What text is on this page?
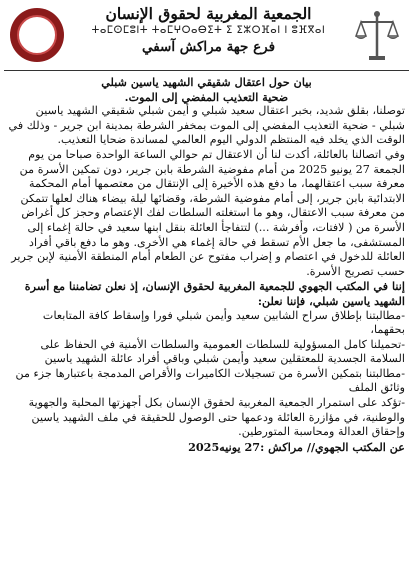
الجمعية المغربية لحقوق الإنسان
ⵜⴰⵎⵙⵎⵓⵏⵜ ⵜⴰⵎⵖⵔⴰⴱⵉⵜ ⵉ ⵉⵣⵔⴼⴰⵏ ⵏ ⵓⴼⴳⴰⵏ
فرع جهة مراكش آسفي

بيان حول اعتقال شقيقي الشهيد ياسين شبلي

ضحية التعذيب المفضي إلى الموت.

توصلنا، بقلق شديد، بخبر اعتقال سعيد شبلي و أيمن شبلي شقيقي الشهيد ياسين شبلي - ضحية التعذيب المفضي إلى الموت بمخفر الشرطة بمدينة ابن جرير - وذلك في الوقت الذي يخلد فيه المنتظم الدولي اليوم العالمي لمساندة ضحايا التعذيب.

وفي اتصالنا بالعائلة، أكدت لنا أن الاعتقال تم حوالي الساعة الواحدة صباحا من يوم الجمعة 27 يونيو 2025 من أمام مفوضية الشرطة بابن جرير، دون تمكين الأسرة من معرفة سبب اعتقالهما، ما دفع هذه الأخيرة إلى الإنتقال من معتصمها أمام المحكمة الابتدائية بابن جرير، إلى أمام مفوضية الشرطة، وقضائها ليلة بيضاء هناك لعلها تتمكن من معرفة سبب الاعتقال، وهو ما استغلته السلطات لفك الإعتصام وحجز كل أغراض الأسرة من ( لافتات، وأفرشة ...) لتتفاجأ العائلة بنقل ابنها سعيد في حالة إغماء إلى المستشفى، ما جعل الأم تسقط في حالة إغماء هي الأخرى. وهو ما دفع باقي أفراد العائلة للدخول في اعتصام و إضراب مفتوح عن الطعام أمام المنطقة الأمنية لإبن جرير حسب تصريح الأسرة.

إننا في المكتب الجهوي للجمعية المغربية لحقوق الإنسان، إذ نعلن تضامننا مع أسرة الشهيد ياسين شبلي، فإننا نعلن:

-مطالبتنا بإطلاق سراح الشابين سعيد وأيمن شبلي فورا وإسقاط كافة المتابعات بحقهما،

-تحميلنا كامل المسؤولية للسلطات العمومية والسلطات الأمنية في الحفاظ على السلامة الجسدية للمعتقلين سعيد وأيمن شبلي وباقي أفراد عائلة الشهيد ياسين

-مطالبتنا بتمكين الأسرة من تسجيلات الكاميرات والأقراص المدمجة باعتبارها جزء من وثائق الملف

-تؤكد على استمرار الجمعية المغربية لحقوق الإنسان بكل أجهزتها المحلية والجهوية والوطنية، في مؤازرة العائلة ودعمها حتى الوصول للحقيقة في ملف الشهيد ياسين وإحقاق العدالة ومحاسبة المتورطين.

عن المكتب الجهوي// مراكش :27 يونيه2025
